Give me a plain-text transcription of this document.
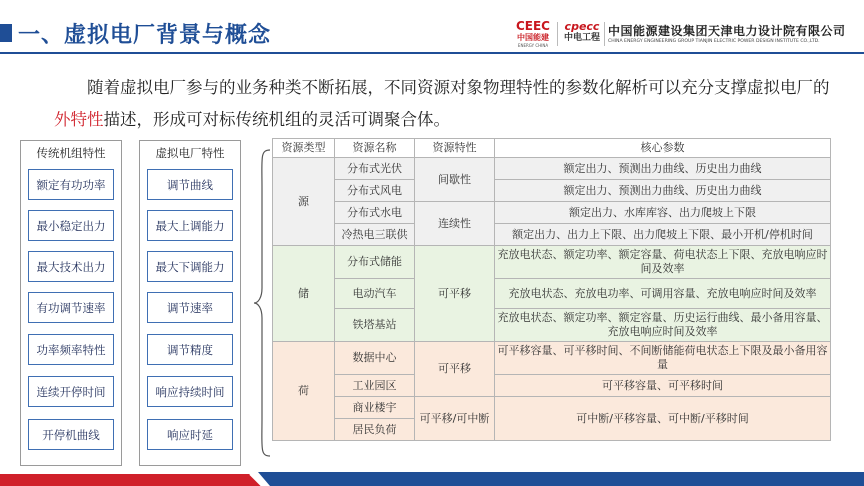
一、虚拟电厂背景与概念	CEEC
中国能建
ENERGY CHINA
cpecc
中电工程 中国能源建设集团天津电力设计院有限公司
CHINA ENERGY ENGINEERING GROUP TIANJIN ELECTRIC POWER DESIGN INSTITUTE CO.,LTD.
随着虚拟电厂参与的业务种类不断拓展，不同资源对象物理特性的参数化解析可以充分支撑虚拟电厂的外特性描述，形成可对标传统机组的灵活可调聚合体。
传统机组特性
额定有功功率
最小稳定出力
最大技术出力
有功调节速率
功率频率特性
连续开停时间
开停机曲线
虚拟电厂特性
调节曲线
最大上调能力
最大下调能力
调节速率
调节精度
响应持续时间
响应时延
资源类型	资源名称	资源特性	核心参数
源	分布式光伏	间歇性	额定出力、预测出力曲线、历史出力曲线
	分布式风电		额定出力、预测出力曲线、历史出力曲线
	分布式水电	连续性	额定出力、水库库容、出力爬坡上下限
	冷热电三联供		额定出力、出力上下限、出力爬坡上下限、最小开机/停机时间
储	分布式储能	可平移	充放电状态、额定功率、额定容量、荷电状态上下限、充放电响应时间及效率
	电动汽车		充放电状态、充放电功率、可调用容量、充放电响应时间及效率
	铁塔基站		充放电状态、额定功率、额定容量、历史运行曲线、最小备用容量、充放电响应时间及效率
荷	数据中心	可平移	可平移容量、可平移时间、不间断储能荷电状态上下限及最小备用容量
	工业园区		可平移容量、可平移时间
	商业楼宇	可平移/可中断	可中断/平移容量、可中断/平移时间
	居民负荷		
